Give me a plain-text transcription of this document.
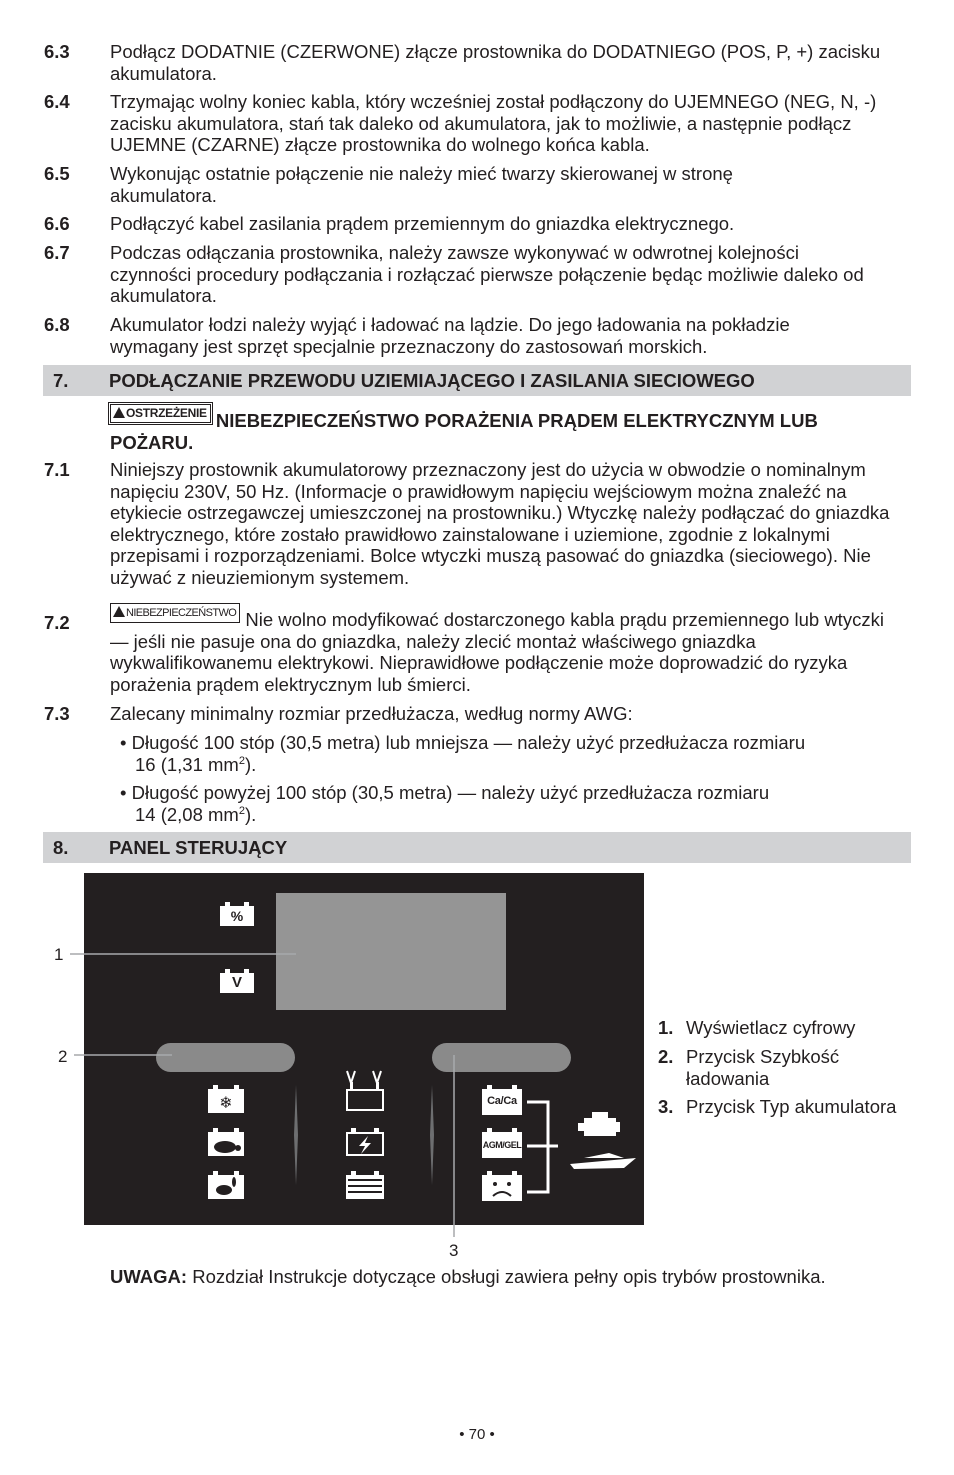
6.3 Podłącz DODATNIE (CZERWONE) złącze prostownika do DODATNIEGO (POS, P, +) zacisku akumulatora.
6.4 Trzymając wolny koniec kabla, który wcześniej został podłączony do UJEMNEGO (NEG, N, -) zacisku akumulatora, stań tak daleko od akumulatora, jak to możliwie, a następnie podłącz UJEMNE (CZARNE) złącze prostownika do wolnego końca kabla.
6.5 Wykonując ostatnie połączenie nie należy mieć twarzy skierowanej w stronę akumulatora.
6.6 Podłączyć kabel zasilania prądem przemiennym do gniazdka elektrycznego.
6.7 Podczas odłączania prostownika, należy zawsze wykonywać w odwrotnej kolejności czynności procedury podłączania i rozłączać pierwsze połączenie będąc możliwie daleko od akumulatora.
6.8 Akumulator łodzi należy wyjąć i ładować na lądzie. Do jego ładowania na pokładzie wymagany jest sprzęt specjalnie przeznaczony do zastosowań morskich.
7. PODŁĄCZANIE PRZEWODU UZIEMIAJĄCEGO I ZASILANIA SIECIOWEGO
OSTRZEŻENIE NIEBEZPIECZEŃSTWO PORAŻENIA PRĄDEM ELEKTRYCZNYM LUB POŻARU.
7.1 Niniejszy prostownik akumulatorowy przeznaczony jest do użycia w obwodzie o nominalnym napięciu 230V, 50 Hz. (Informacje o prawidłowym napięciu wejściowym można znaleźć na etykiecie ostrzegawczej umieszczonej na prostowniku.) Wtyczkę należy podłączać do gniazdka elektrycznego, które zostało prawidłowo zainstalowane i uziemione, zgodnie z lokalnymi przepisami i rozporządzeniami. Bolce wtyczki muszą pasować do gniazdka (sieciowego). Nie używać z nieuziemionym systemem.
7.2	NIEBEZPIECZEŃSTWO Nie wolno modyfikować dostarczonego kabla prądu przemiennego lub wtyczki — jeśli nie pasuje ona do gniazdka, należy zlecić montaż właściwego gniazdka wykwalifikowanemu elektrykowi. Nieprawidłowe podłączenie może doprowadzić do ryzyka porażenia prądem elektrycznym lub śmierci.
7.3 Zalecany minimalny rozmiar przedłużacza, według normy AWG:
• Długość 100 stóp (30,5 metra) lub mniejsza — należy użyć przedłużacza rozmiaru
16 (1,31 $mm^2$).
• Długość powyżej 100 stóp (30,5 metra) — należy użyć przedłużacza rozmiaru
14 (2,08 $mm^2$).
8. PANEL STERUJĄCY
❄
%
V
Ca/Ca
AGM/GEL
1
2
3
1. Wyświetlacz cyfrowy
2. Przycisk Szybkość ładowania
3. Przycisk Typ akumulatora
UWAGA: Rozdział Instrukcje dotyczące obsługi zawiera pełny opis trybów prostownika.
• 70 •
